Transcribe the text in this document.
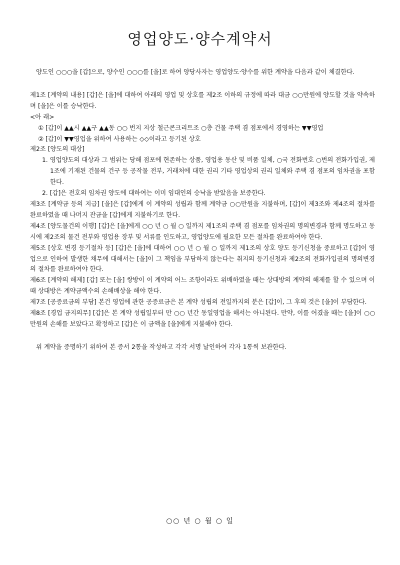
영업양도·양수계약서

양도인 ○○○을 [갑]으로, 양수인 ○○○를 [을]로 하여 양당사자는 영업양도·양수를 위한 계약을 다음과 같이 체결한다.

제1조 [계약의 내용] [갑]은 [을]에 대하여 아래의 영업 및 상호를 제2조 이하의 규정에 따라 대금 ○○만원에 양도할 것을 약속하며 [을]은 이를 승낙한다.

<아 래>

① [갑]이 ▲▲시 ▲▲구 ▲▲동 ○○ 번지 지상 철근콘크리트조 ○층 건물 주택 겸 점포에서 경영하는 ▼▼영업

② [갑]이 ▼▼영업을 위하여 사용하는 ◇◇이라고 등기된 상호

제2조 [양도의 대상]

1. 영업양도의 대상과 그 범위는 당해 점포에 현존하는 상품, 영업용 동산 및 비품 일체, ○국 전화번호 ○번의 전화가입권, 제1조에 기재된 건물의 건구 등 공작물 전부, 거래처에 대한 권리 기타 영업상의 권리 일체와 주택 겸 점포의 임차권을 포함한다.

2. [갑]은 전호의 임차권 양도에 대하여는 이미 임대인의 승낙을 받았음을 보증한다.

제3조 [계약금 등의 지급] [을]은 [갑]에게 이 계약의 성립과 함께 계약금 ○○만원을 지불하며, [갑]이 제3조와 제4조의 절차를 완료하였을 때 나머지 잔금을 [갑]에게 지불하기로 한다.

제4조 [양도물건의 이행] [갑]은 [을]에게 ○○ 년 ○ 월 ○ 일까지 제1조의 주택 겸 점포를 임차권의 명의변경과 함께 명도하고 동시에 제2조의 물건 전부와 영업용 장부 및 서류를 인도하고, 영업양도에 필요한 모든 절차를 완료하여야 한다.

제5조 [상호 변경 등기절차 등] [갑]은 [을]에 대하여 ○○ 년 ○ 월 ○ 일까지 제1조의 상호 양도 등기신청을 중료하고 [갑]이 영업으로 인하여 발생한 채무에 대해서는 [을]이 그 책임을 부담하지 않는다는 취지의 등기신청과 제2조의 전화가입권의 명의변경의 절차를 완료하여야 한다.

제6조 [계약의 해제] [갑] 또는 [을] 쌍방이 이 계약의 어느 조항이라도 위배하였을 때는 상대방의 계약의 해제를 할 수 있으며 이때 상대방은 계약금액수의 손해배상을 해야 한다.

제7조 [공증료금의 부담] 본건 영업에 관한 공증료금은 본 계약 성립의 전일까지의 분은 [갑]이, 그 후의 것은 [을]이 부담한다.

제8조 [경업 금지의무] [갑]은 본 계약 성립일부터 만 ○○ 년간 동일영업을 해서는 아니된다. 만약, 이를 어겼을 때는 [을]이 ○○만원의 손해를 보았다고 확정하고 [갑]은 이 금액을 [을]에게 지불해야 한다.

위 계약을 증명하기 위하여 본 증서 2통을 작성하고 각각 서명 날인하여 각자 1통씩 보관한다.

○○ 년 ○ 월 ○ 일
